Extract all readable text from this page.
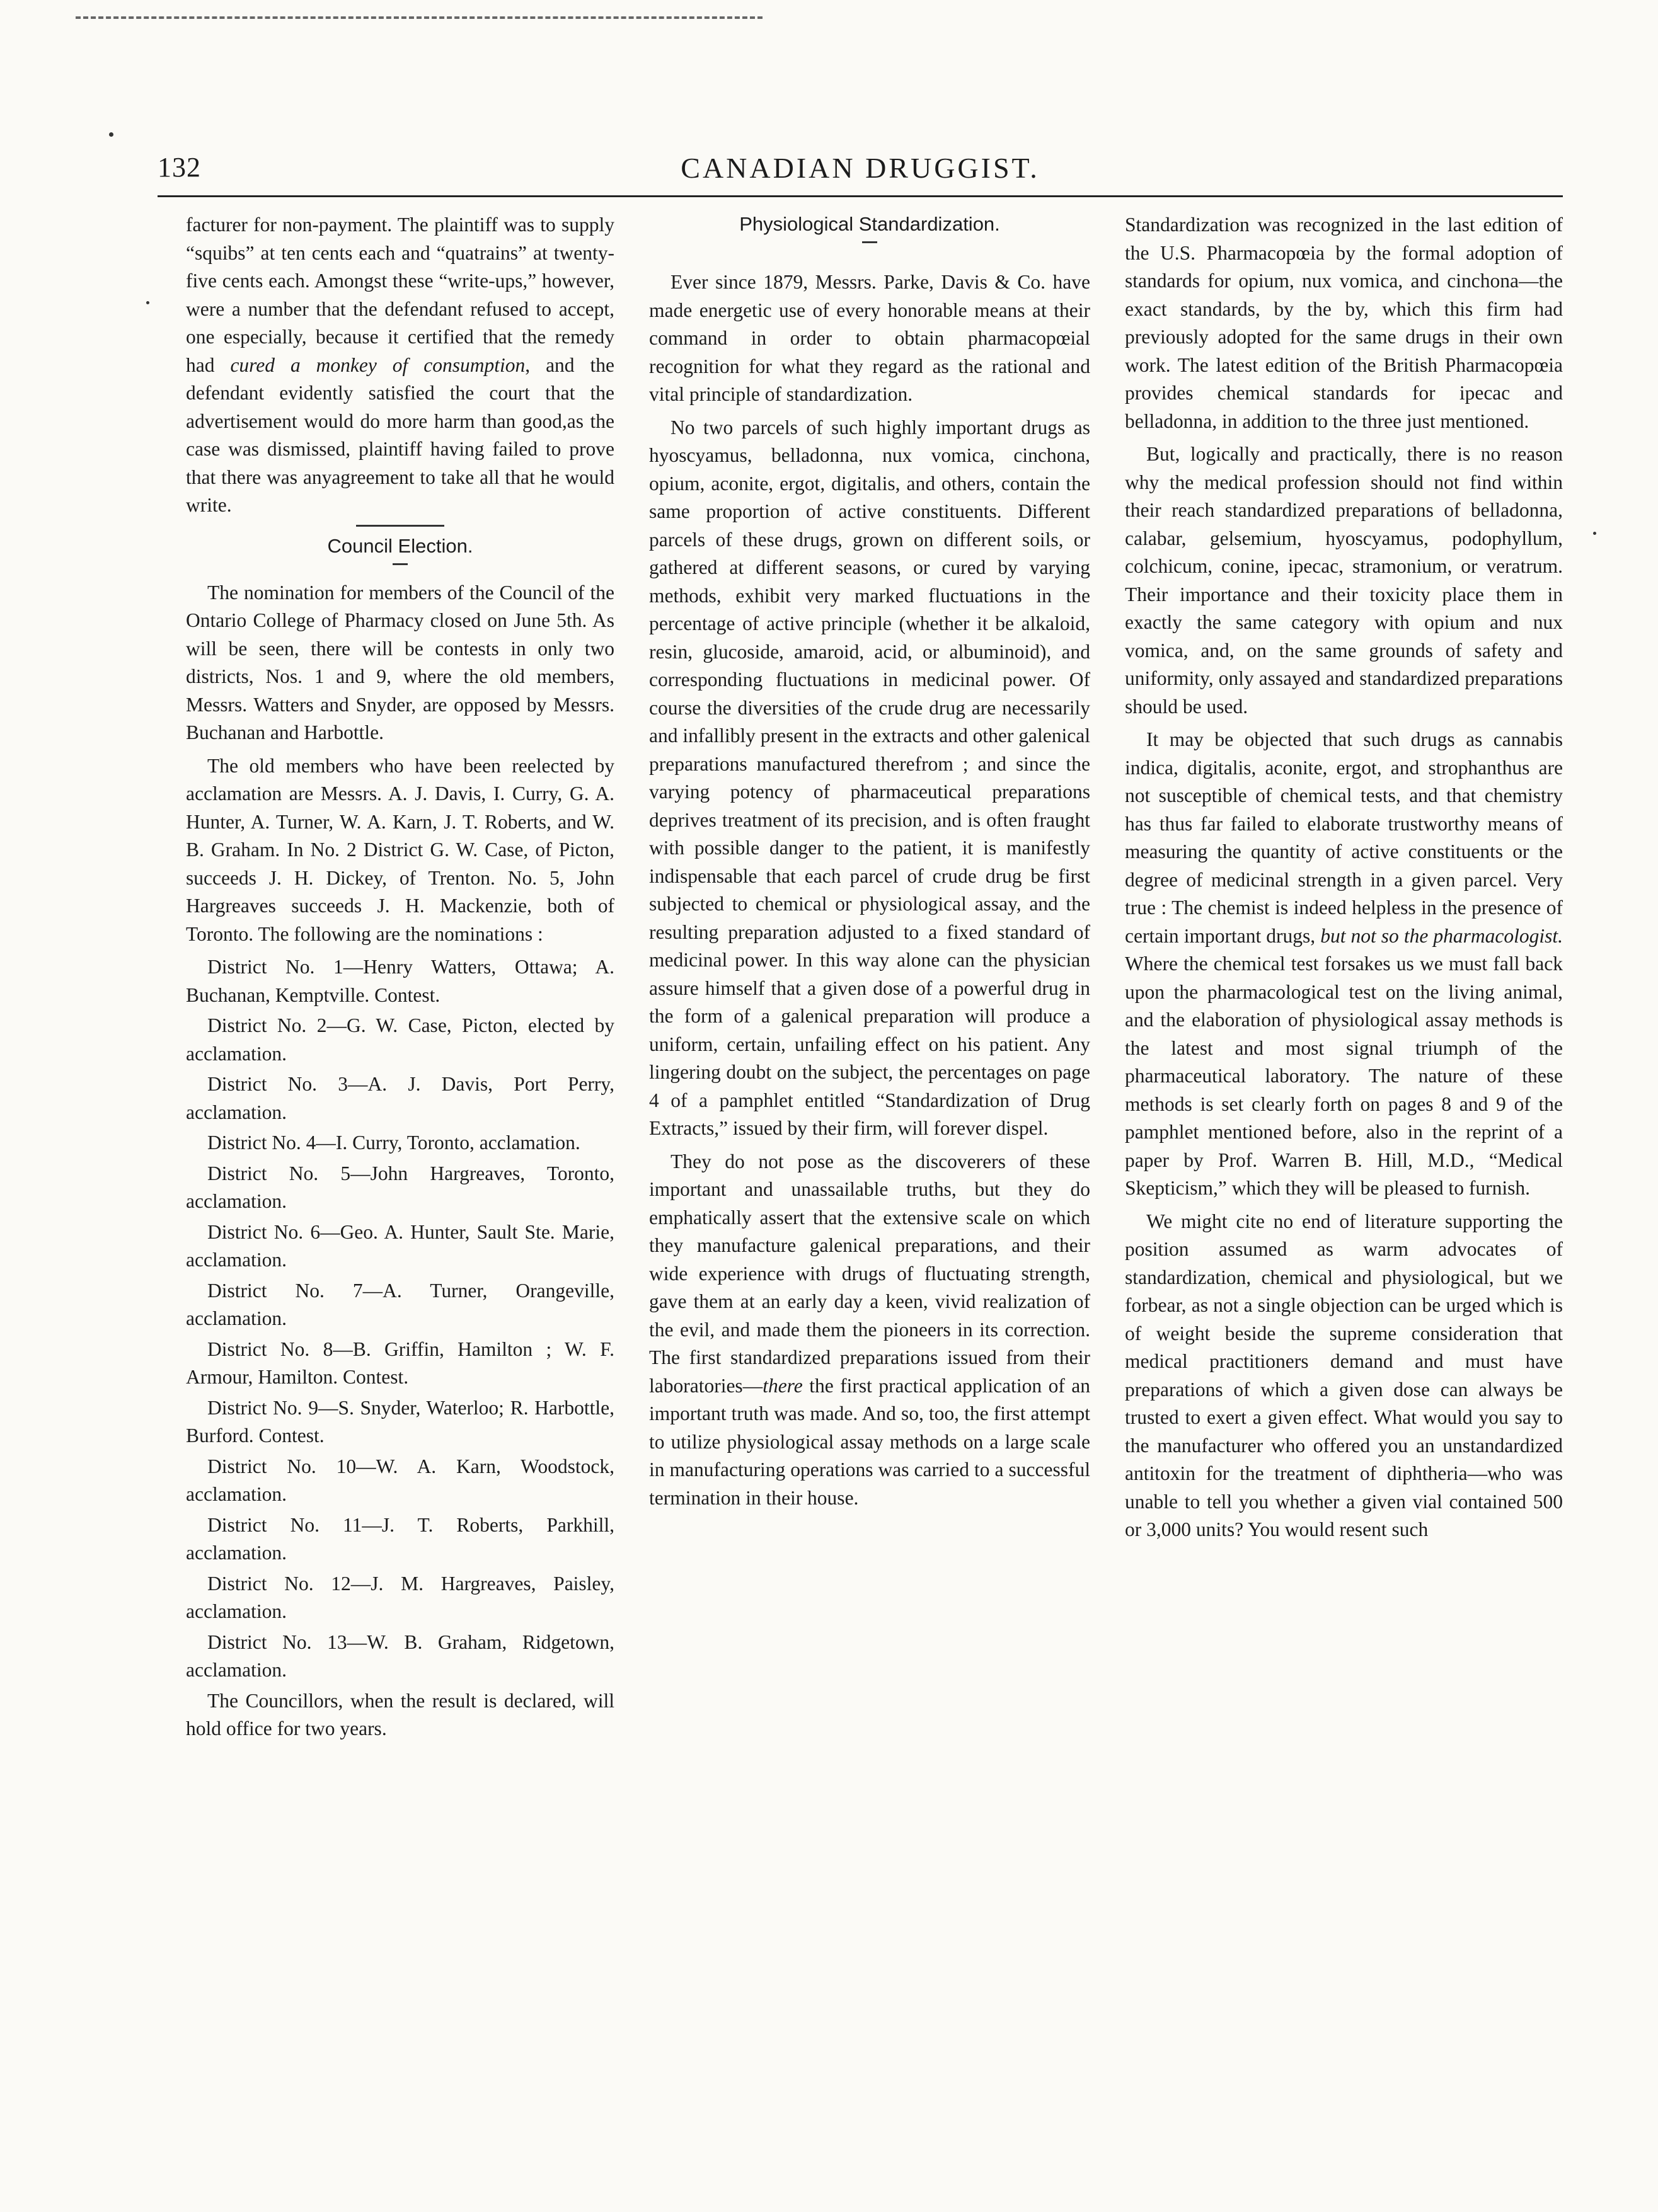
132	CANADIAN DRUGGIST.

facturer for non-payment. The plaintiff was to supply “squibs” at ten cents each and “quatrains” at twenty-five cents each. Amongst these “write-ups,” however, were a number that the defendant refused to accept, one especially, because it certified that the remedy had cured a monkey of consumption, and the defendant evidently satisfied the court that the advertisement would do more harm than good,as the case was dismissed, plaintiff having failed to prove that there was anyagreement to take all that he would write.

Council Election.

The nomination for members of the Council of the Ontario College of Pharmacy closed on June 5th. As will be seen, there will be contests in only two districts, Nos. 1 and 9, where the old members, Messrs. Watters and Snyder, are opposed by Messrs. Buchanan and Harbottle.

The old members who have been reelected by acclamation are Messrs. A. J. Davis, I. Curry, G. A. Hunter, A. Turner, W. A. Karn, J. T. Roberts, and W. B. Graham. In No. 2 District G. W. Case, of Picton, succeeds J. H. Dickey, of Trenton. No. 5, John Hargreaves succeeds J. H. Mackenzie, both of Toronto. The following are the nominations :

District No. 1—Henry Watters, Ottawa; A. Buchanan, Kemptville. Contest.

District No. 2—G. W. Case, Picton, elected by acclamation.

District No. 3—A. J. Davis, Port Perry, acclamation.

District No. 4—I. Curry, Toronto, acclamation.

District No. 5—John Hargreaves, Toronto, acclamation.

District No. 6—Geo. A. Hunter, Sault Ste. Marie, acclamation.

District No. 7—A. Turner, Orangeville, acclamation.

District No. 8—B. Griffin, Hamilton ; W. F. Armour, Hamilton. Contest.

District No. 9—S. Snyder, Waterloo; R. Harbottle, Burford. Contest.

District No. 10—W. A. Karn, Woodstock, acclamation.

District No. 11—J. T. Roberts, Parkhill, acclamation.

District No. 12—J. M. Hargreaves, Paisley, acclamation.

District No. 13—W. B. Graham, Ridgetown, acclamation.

The Councillors, when the result is declared, will hold office for two years.

Physiological Standardization.

Ever since 1879, Messrs. Parke, Davis & Co. have made energetic use of every honorable means at their command in order to obtain pharmacopœial recognition for what they regard as the rational and vital principle of standardization.

No two parcels of such highly important drugs as hyoscyamus, belladonna, nux vomica, cinchona, opium, aconite, ergot, digitalis, and others, contain the same proportion of active constituents. Different parcels of these drugs, grown on different soils, or gathered at different seasons, or cured by varying methods, exhibit very marked fluctuations in the percentage of active principle (whether it be alkaloid, resin, glucoside, amaroid, acid, or albuminoid), and corresponding fluctuations in medicinal power. Of course the diversities of the crude drug are necessarily and infallibly present in the extracts and other galenical preparations manufactured therefrom ; and since the varying potency of pharmaceutical preparations deprives treatment of its precision, and is often fraught with possible danger to the patient, it is manifestly indispensable that each parcel of crude drug be first subjected to chemical or physiological assay, and the resulting preparation adjusted to a fixed standard of medicinal power. In this way alone can the physician assure himself that a given dose of a powerful drug in the form of a galenical preparation will produce a uniform, certain, unfailing effect on his patient. Any lingering doubt on the subject, the percentages on page 4 of a pamphlet entitled “Standardization of Drug Extracts,” issued by their firm, will forever dispel.

They do not pose as the discoverers of these important and unassailable truths, but they do emphatically assert that the extensive scale on which they manufacture galenical preparations, and their wide experience with drugs of fluctuating strength, gave them at an early day a keen, vivid realization of the evil, and made them the pioneers in its correction. The first standardized preparations issued from their laboratories—there the first practical application of an important truth was made. And so, too, the first attempt to utilize physiological assay methods on a large scale in manufacturing operations was carried to a successful termination in their house.

Standardization was recognized in the last edition of the U.S. Pharmacopœia by the formal adoption of standards for opium, nux vomica, and cinchona—the exact standards, by the by, which this firm had previously adopted for the same drugs in their own work. The latest edition of the British Pharmacopœia provides chemical standards for ipecac and belladonna, in addition to the three just mentioned.

But, logically and practically, there is no reason why the medical profession should not find within their reach standardized preparations of belladonna, calabar, gelsemium, hyoscyamus, podophyllum, colchicum, conine, ipecac, stramonium, or veratrum. Their importance and their toxicity place them in exactly the same category with opium and nux vomica, and, on the same grounds of safety and uniformity, only assayed and standardized preparations should be used.

It may be objected that such drugs as cannabis indica, digitalis, aconite, ergot, and strophanthus are not susceptible of chemical tests, and that chemistry has thus far failed to elaborate trustworthy means of measuring the quantity of active constituents or the degree of medicinal strength in a given parcel. Very true : The chemist is indeed helpless in the presence of certain important drugs, but not so the pharmacologist. Where the chemical test forsakes us we must fall back upon the pharmacological test on the living animal, and the elaboration of physiological assay methods is the latest and most signal triumph of the pharmaceutical laboratory. The nature of these methods is set clearly forth on pages 8 and 9 of the pamphlet mentioned before, also in the reprint of a paper by Prof. Warren B. Hill, M.D., “Medical Skepticism,” which they will be pleased to furnish.

We might cite no end of literature supporting the position assumed as warm advocates of standardization, chemical and physiological, but we forbear, as not a single objection can be urged which is of weight beside the supreme consideration that medical practitioners demand and must have preparations of which a given dose can always be trusted to exert a given effect. What would you say to the manufacturer who offered you an unstandardized antitoxin for the treatment of diphtheria—who was unable to tell you whether a given vial contained 500 or 3,000 units? You would resent such
